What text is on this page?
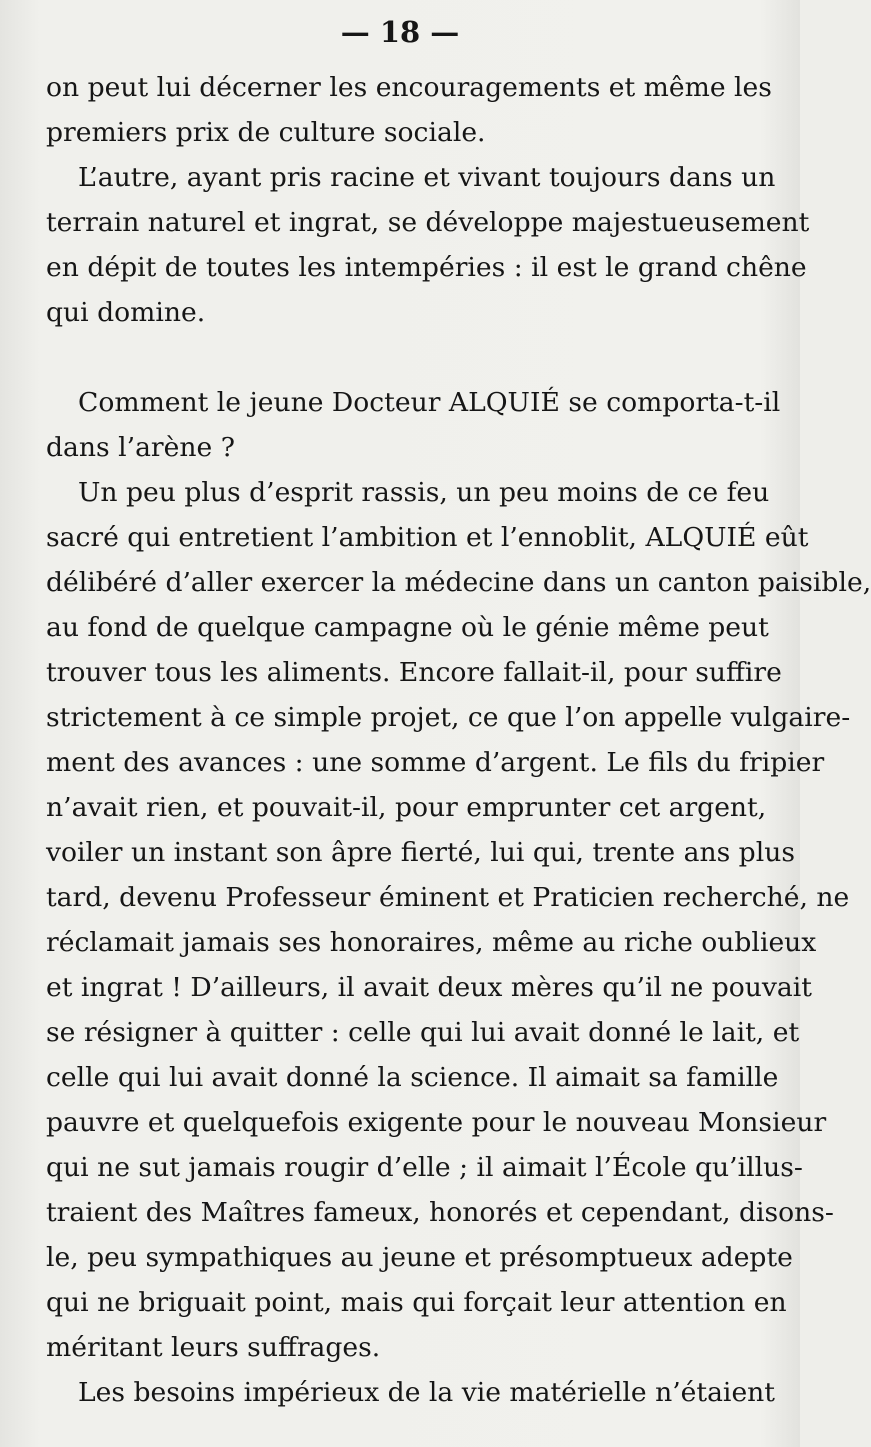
— 18 —
on peut lui décerner les encouragements et même les
premiers prix de culture sociale.
L’autre, ayant pris racine et vivant toujours dans un
terrain naturel et ingrat, se développe majestueusement
en dépit de toutes les intempéries : il est le grand chêne
qui domine.
Comment le jeune Docteur ALQUIÉ se comporta-t-il
dans l’arène ?
Un peu plus d’esprit rassis, un peu moins de ce feu
sacré qui entretient l’ambition et l’ennoblit, ALQUIÉ eût
délibéré d’aller exercer la médecine dans un canton paisible,
au fond de quelque campagne où le génie même peut
trouver tous les aliments. Encore fallait-il, pour suffire
strictement à ce simple projet, ce que l’on appelle vulgaire-
ment des avances : une somme d’argent. Le fils du fripier
n’avait rien, et pouvait-il, pour emprunter cet argent,
voiler un instant son âpre fierté, lui qui, trente ans plus
tard, devenu Professeur éminent et Praticien recherché, ne
réclamait jamais ses honoraires, même au riche oublieux
et ingrat ! D’ailleurs, il avait deux mères qu’il ne pouvait
se résigner à quitter : celle qui lui avait donné le lait, et
celle qui lui avait donné la science. Il aimait sa famille
pauvre et quelquefois exigente pour le nouveau Monsieur
qui ne sut jamais rougir d’elle ; il aimait l’École qu’illus-
traient des Maîtres fameux, honorés et cependant, disons-
le, peu sympathiques au jeune et présomptueux adepte
qui ne briguait point, mais qui forçait leur attention en
méritant leurs suffrages.
Les besoins impérieux de la vie matérielle n’étaient
